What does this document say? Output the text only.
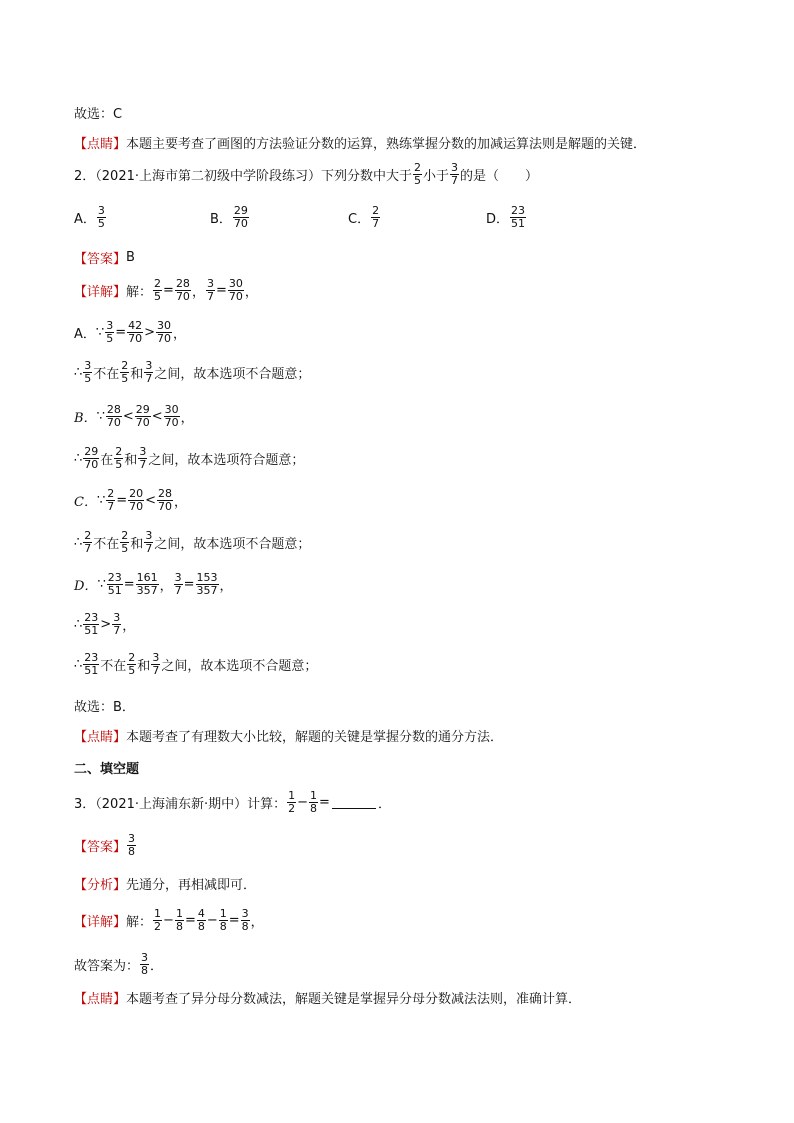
故选：C
【点睛】 本题主要考查了画图的方法验证分数的运算，熟练掌握分数的加减运算法则是解题的关键．
2．（2021·上海市第二初级中学阶段练习）下列分数中大于 $\frac{2}{5}$ 小于 $\frac{3}{7}$ 的是（　　）
A． $\frac{3}{5}$	B． $\frac{29}{70}$	C． $\frac{2}{7}$	D． $\frac{23}{51}$
【答案】 B
【详解】 解： $\frac{2}{5} = \frac{28}{70}$ ， $\frac{3}{7} = \frac{30}{70}$ ，
A． ∵ $\frac{3}{5} = \frac{42}{70} > \frac{30}{70}$ ，
∴ $\frac{3}{5}$ 不在 $\frac{2}{5}$ 和 $\frac{3}{7}$ 之间，故本选项不合题意；
B． ∵ $\frac{28}{70} < \frac{29}{70} < \frac{30}{70}$ ，
∴ $\frac{29}{70}$ 在 $\frac{2}{5}$ 和 $\frac{3}{7}$ 之间，故本选项符合题意；
C． ∵ $\frac{2}{7} = \frac{20}{70} < \frac{28}{70}$ ，
∴ $\frac{2}{7}$ 不在 $\frac{2}{5}$ 和 $\frac{3}{7}$ 之间，故本选项不合题意；
D． ∵ $\frac{23}{51} = \frac{161}{357}$ ， $\frac{3}{7} = \frac{153}{357}$ ，
∴ $\frac{23}{51} > \frac{3}{7}$ ，
∴ $\frac{23}{51}$ 不在 $\frac{2}{5}$ 和 $\frac{3}{7}$ 之间，故本选项不合题意；
故选：B．
【点睛】 本题考查了有理数大小比较，解题的关键是掌握分数的通分方法．
二、填空题
3．（2021·上海浦东新·期中）计算： $\frac{1}{2} - \frac{1}{8}$ =	．
【答案】 $\frac{3}{8}$
【分析】 先通分，再相减即可．
【详解】 解： $\frac{1}{2} - \frac{1}{8} = \frac{4}{8} - \frac{1}{8} = \frac{3}{8}$ ，
故答案为： $\frac{3}{8}$ ．
【点睛】 本题考查了异分母分数减法，解题关键是掌握异分母分数减法法则，准确计算．
